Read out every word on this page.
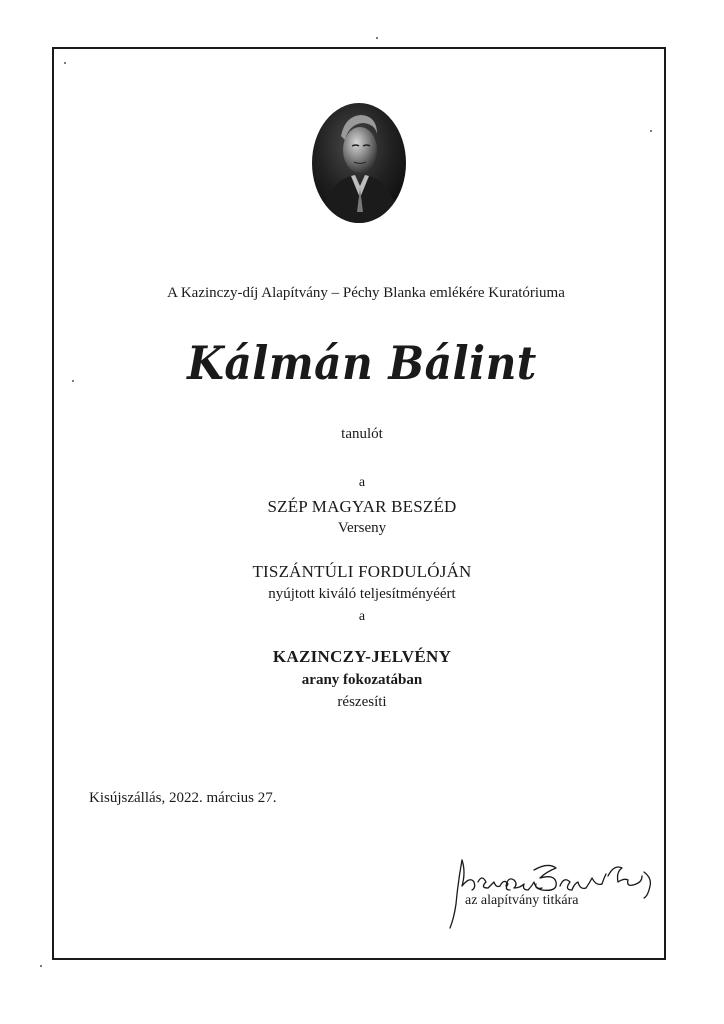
A Kazinczy-díj Alapítvány – Péchy Blanka emlékére Kuratóriuma
Kálmán Bálint
tanulót
a
SZÉP MAGYAR BESZÉD
Verseny
TISZÁNTÚLI FORDULÓJÁN
nyújtott kiváló teljesítményéért
a
KAZINCZY-JELVÉNY
arany fokozatában
részesíti
Kisújszállás, 2022. március 27.
az alapítvány titkára
